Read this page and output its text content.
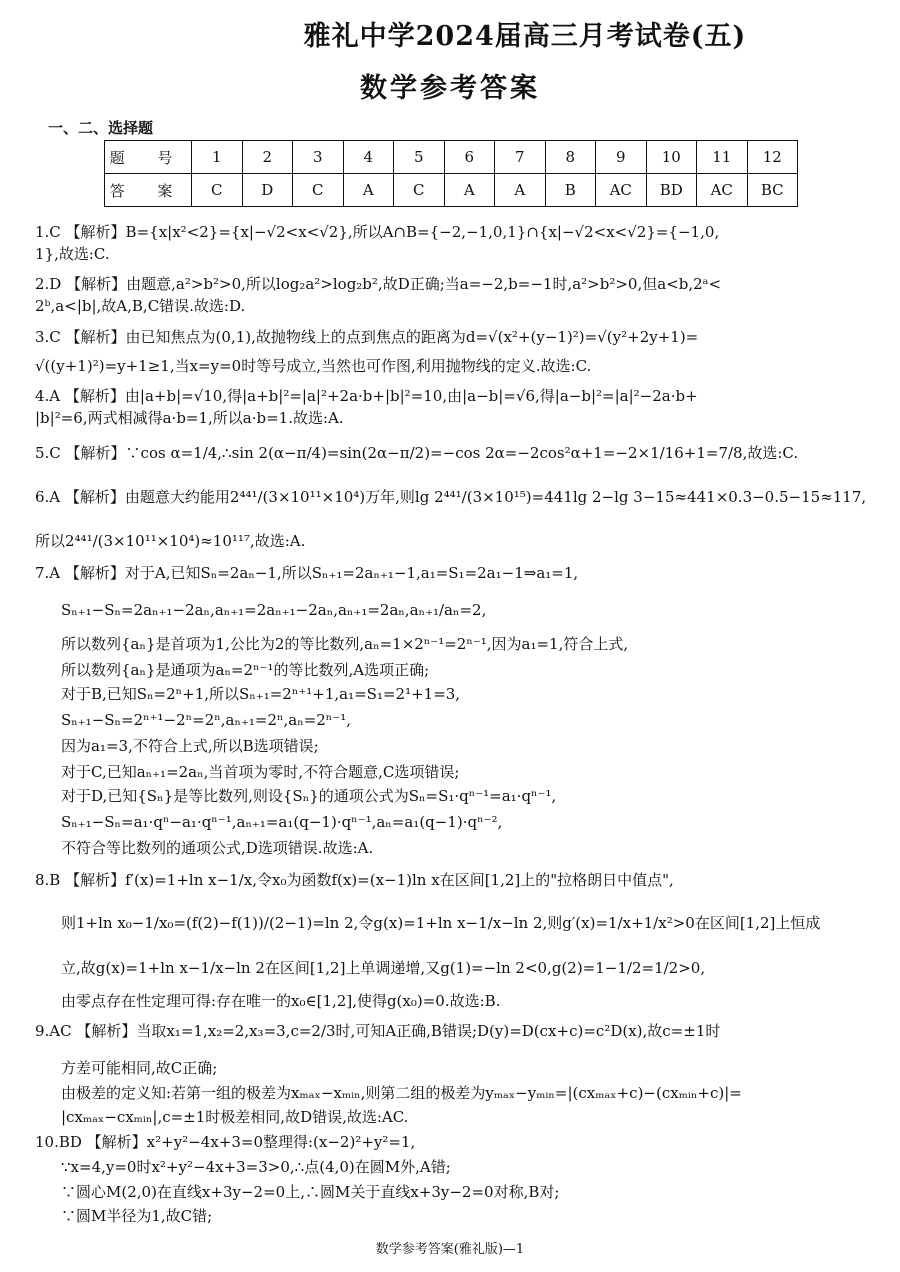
雅礼中学2024届高三月考试卷(五)
数学参考答案
一、二、选择题
题 号	1	2	3	4	5	6	7	8	9	10	11	12
答 案	C	D	C	A	C	A	A	B	AC	BD	AC	BC
1.C 【解析】B={x|x²<2}={x|−√2<x<√2},所以A∩B={−2,−1,0,1}∩{x|−√2<x<√2}={−1,0,
1},故选:C.
2.D 【解析】由题意,a²>b²>0,所以log₂a²>log₂b²,故D正确;当a=−2,b=−1时,a²>b²>0,但a<b,2ᵃ<
2ᵇ,a<|b|,故A,B,C错误.故选:D.
3.C 【解析】由已知焦点为(0,1),故抛物线上的点到焦点的距离为d=√(x²+(y−1)²)=√(y²+2y+1)=
√((y+1)²)=y+1≥1,当x=y=0时等号成立,当然也可作图,利用抛物线的定义.故选:C.
4.A 【解析】由|a+b|=√10,得|a+b|²=|a|²+2a·b+|b|²=10,由|a−b|=√6,得|a−b|²=|a|²−2a·b+
|b|²=6,两式相减得a·b=1,所以a·b=1.故选:A.
5.C 【解析】∵cos α=1/4,∴sin 2(α−π/4)=sin(2α−π/2)=−cos 2α=−2cos²α+1=−2×1/16+1=7/8,故选:C.
6.A 【解析】由题意大约能用2⁴⁴¹/(3×10¹¹×10⁴)万年,则lg 2⁴⁴¹/(3×10¹⁵)=441lg 2−lg 3−15≈441×0.3−0.5−15≈117,
所以2⁴⁴¹/(3×10¹¹×10⁴)≈10¹¹⁷,故选:A.
7.A 【解析】对于A,已知Sₙ=2aₙ−1,所以Sₙ₊₁=2aₙ₊₁−1,a₁=S₁=2a₁−1⇒a₁=1,
Sₙ₊₁−Sₙ=2aₙ₊₁−2aₙ,aₙ₊₁=2aₙ₊₁−2aₙ,aₙ₊₁=2aₙ,aₙ₊₁/aₙ=2,
所以数列{aₙ}是首项为1,公比为2的等比数列,aₙ=1×2ⁿ⁻¹=2ⁿ⁻¹,因为a₁=1,符合上式,
所以数列{aₙ}是通项为aₙ=2ⁿ⁻¹的等比数列,A选项正确;
对于B,已知Sₙ=2ⁿ+1,所以Sₙ₊₁=2ⁿ⁺¹+1,a₁=S₁=2¹+1=3,
Sₙ₊₁−Sₙ=2ⁿ⁺¹−2ⁿ=2ⁿ,aₙ₊₁=2ⁿ,aₙ=2ⁿ⁻¹,
因为a₁=3,不符合上式,所以B选项错误;
对于C,已知aₙ₊₁=2aₙ,当首项为零时,不符合题意,C选项错误;
对于D,已知{Sₙ}是等比数列,则设{Sₙ}的通项公式为Sₙ=S₁·qⁿ⁻¹=a₁·qⁿ⁻¹,
Sₙ₊₁−Sₙ=a₁·qⁿ−a₁·qⁿ⁻¹,aₙ₊₁=a₁(q−1)·qⁿ⁻¹,aₙ=a₁(q−1)·qⁿ⁻²,
不符合等比数列的通项公式,D选项错误.故选:A.
8.B 【解析】f′(x)=1+ln x−1/x,令x₀为函数f(x)=(x−1)ln x在区间[1,2]上的"拉格朗日中值点",
则1+ln x₀−1/x₀=(f(2)−f(1))/(2−1)=ln 2,令g(x)=1+ln x−1/x−ln 2,则g′(x)=1/x+1/x²>0在区间[1,2]上恒成
立,故g(x)=1+ln x−1/x−ln 2在区间[1,2]上单调递增,又g(1)=−ln 2<0,g(2)=1−1/2=1/2>0,
由零点存在性定理可得:存在唯一的x₀∈[1,2],使得g(x₀)=0.故选:B.
9.AC 【解析】当取x₁=1,x₂=2,x₃=3,c=2/3时,可知A正确,B错误;D(y)=D(cx+c)=c²D(x),故c=±1时
方差可能相同,故C正确;
由极差的定义知:若第一组的极差为xₘₐₓ−xₘᵢₙ,则第二组的极差为yₘₐₓ−yₘᵢₙ=|(cxₘₐₓ+c)−(cxₘᵢₙ+c)|=
|cxₘₐₓ−cxₘᵢₙ|,c=±1时极差相同,故D错误,故选:AC.
10.BD 【解析】x²+y²−4x+3=0整理得:(x−2)²+y²=1,
∵x=4,y=0时x²+y²−4x+3=3>0,∴点(4,0)在圆M外,A错;
∵圆心M(2,0)在直线x+3y−2=0上,∴圆M关于直线x+3y−2=0对称,B对;
∵圆M半径为1,故C错;
数学参考答案(雅礼版)—1
